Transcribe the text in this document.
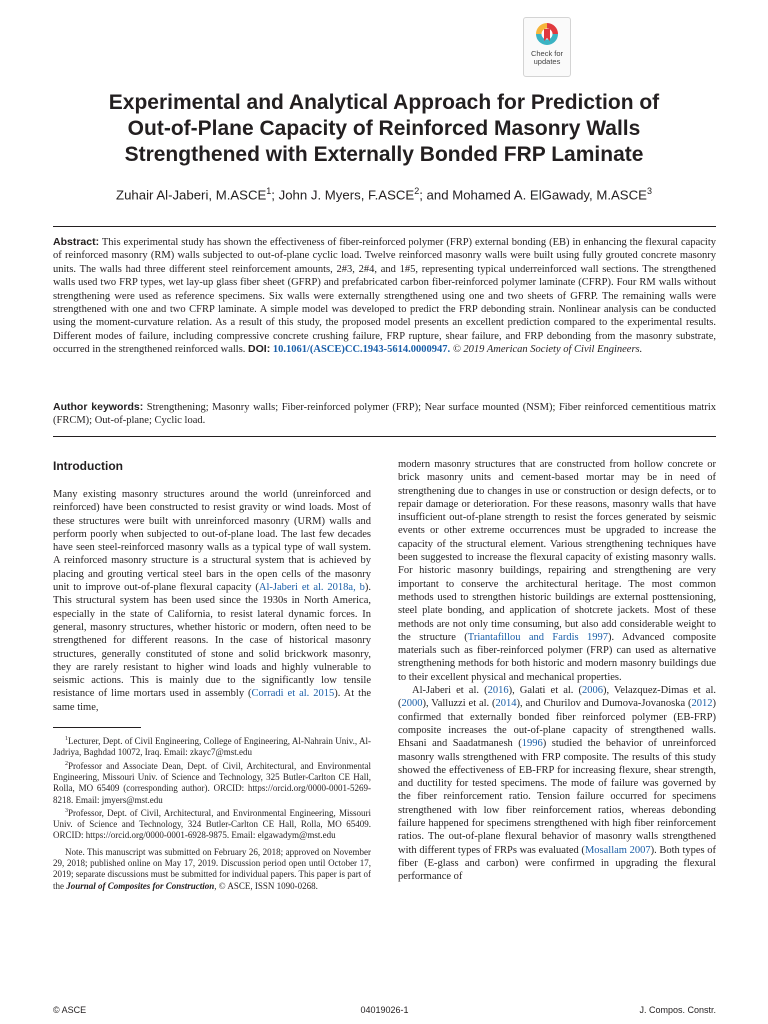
Check for
updates
Experimental and Analytical Approach for Prediction of
Out-of-Plane Capacity of Reinforced Masonry Walls
Strengthened with Externally Bonded FRP Laminate
Zuhair Al-Jaberi, M.ASCE$^1$; John J. Myers, F.ASCE$^2$; and Mohamed A. ElGawady, M.ASCE$^3$

Abstract: This experimental study has shown the effectiveness of fiber-reinforced polymer (FRP) external bonding (EB) in enhancing the flexural capacity of reinforced masonry (RM) walls subjected to out-of-plane cyclic load. Twelve reinforced masonry walls were built using fully grouted concrete masonry units. The walls had three different steel reinforcement amounts, 2#3, 2#4, and 1#5, representing typical underreinforced wall sections. The strengthened walls used two FRP types, wet lay-up glass fiber sheet (GFRP) and prefabricated carbon fiber-reinforced polymer laminate (CFRP). Four RM walls without strengthening were used as reference specimens. Six walls were externally strengthened using one and two sheets of GFRP. The remaining walls were strengthened with one and two CFRP laminate. A simple model was developed to predict the FRP debonding strain. Nonlinear analysis can be conducted using the moment-curvature relation. As a result of this study, the proposed model presents an excellent prediction compared to the experimental results. Different modes of failure, including compressive concrete crushing failure, FRP rupture, shear failure, and FRP debonding from the masonry substrate, occurred in the strengthened reinforced walls. DOI: 10.1061/(ASCE)CC.1943-5614.0000947. © 2019 American Society of Civil Engineers.

Author keywords: Strengthening; Masonry walls; Fiber-reinforced polymer (FRP); Near surface mounted (NSM); Fiber reinforced cementitious matrix (FRCM); Out-of-plane; Cyclic load.

Introduction

Many existing masonry structures around the world (unreinforced and reinforced) have been constructed to resist gravity or wind loads. Most of these structures were built with unreinforced masonry (URM) walls and perform poorly when subjected to out-of-plane load. The last few decades have seen steel-reinforced masonry walls as a typical type of wall system. A reinforced masonry structure is a structural system that is achieved by placing and grouting vertical steel bars in the open cells of the masonry unit to improve out-of-plane flexural capacity (Al-Jaberi et al. 2018a, b). This structural system has been used since the 1930s in North America, especially in the state of California, to resist lateral dynamic forces. In general, masonry structures, whether historic or modern, often need to be strengthened for different reasons. In the case of historical masonry structures, generally constituted of stone and solid brickwork masonry, they are rarely resistant to higher wind loads and highly vulnerable to seismic actions. This is mainly due to the significantly low tensile resistance of lime mortars used in assembly (Corradi et al. 2015). At the same time,

$^1$Lecturer, Dept. of Civil Engineering, College of Engineering, Al-Nahrain Univ., Al-Jadriya, Baghdad 10072, Iraq. Email: zkayc7@mst.edu

$^2$Professor and Associate Dean, Dept. of Civil, Architectural, and Environmental Engineering, Missouri Univ. of Science and Technology, 325 Butler-Carlton CE Hall, Rolla, MO 65409 (corresponding author). ORCID: https://orcid.org/0000-0001-5269-8218. Email: jmyers@mst.edu

$^3$Professor, Dept. of Civil, Architectural, and Environmental Engineering, Missouri Univ. of Science and Technology, 324 Butler-Carlton CE Hall, Rolla, MO 65409. ORCID: https://orcid.org/0000-0001-6928-9875. Email: elgawadym@mst.edu

Note. This manuscript was submitted on February 26, 2018; approved on November 29, 2018; published online on May 17, 2019. Discussion period open until October 17, 2019; separate discussions must be submitted for individual papers. This paper is part of the Journal of Composites for Construction, © ASCE, ISSN 1090-0268.

modern masonry structures that are constructed from hollow concrete or brick masonry units and cement-based mortar may be in need of strengthening due to changes in use or construction or design defects, or to repair damage or deterioration. For these reasons, masonry walls that have insufficient out-of-plane strength to resist the forces generated by seismic events or other extreme occurrences must be upgraded to increase the capacity of the structural element. Various strengthening techniques have been suggested to increase the flexural capacity of existing masonry walls. For historic masonry buildings, repairing and strengthening are very important to conserve the architectural heritage. The most common methods used to strengthen historic buildings are external posttensioning, steel plate bonding, and application of shotcrete jackets. Most of these methods are not only time consuming, but also add considerable weight to the structure (Triantafillou and Fardis 1997). Advanced composite materials such as fiber-reinforced polymer (FRP) can used as alternative strengthening methods for both historic and modern masonry buildings due to their excellent physical and mechanical properties.

Al-Jaberi et al. (2016), Galati et al. (2006), Velazquez-Dimas et al. (2000), Valluzzi et al. (2014), and Churilov and Dumova-Jovanoska (2012) confirmed that externally bonded fiber reinforced polymer (EB-FRP) composite increases the out-of-plane capacity of strengthened walls. Ehsani and Saadatmanesh (1996) studied the behavior of unreinforced masonry walls strengthened with FRP composite. The results of this study showed the effectiveness of EB-FRP for increasing flexure, shear strength, and ductility for tested specimens. The mode of failure was governed by the fiber reinforcement ratio. Tension failure occurred for specimens strengthened with low fiber reinforcement ratios, whereas debonding failure happened for specimens strengthened with high fiber reinforcement ratios. The out-of-plane flexural behavior of masonry walls strengthened with different types of FRPs was evaluated (Mosallam 2007). Both types of fiber (E-glass and carbon) were confirmed in upgrading the flexural performance of

© ASCE	04019026-1	J. Compos. Constr.
